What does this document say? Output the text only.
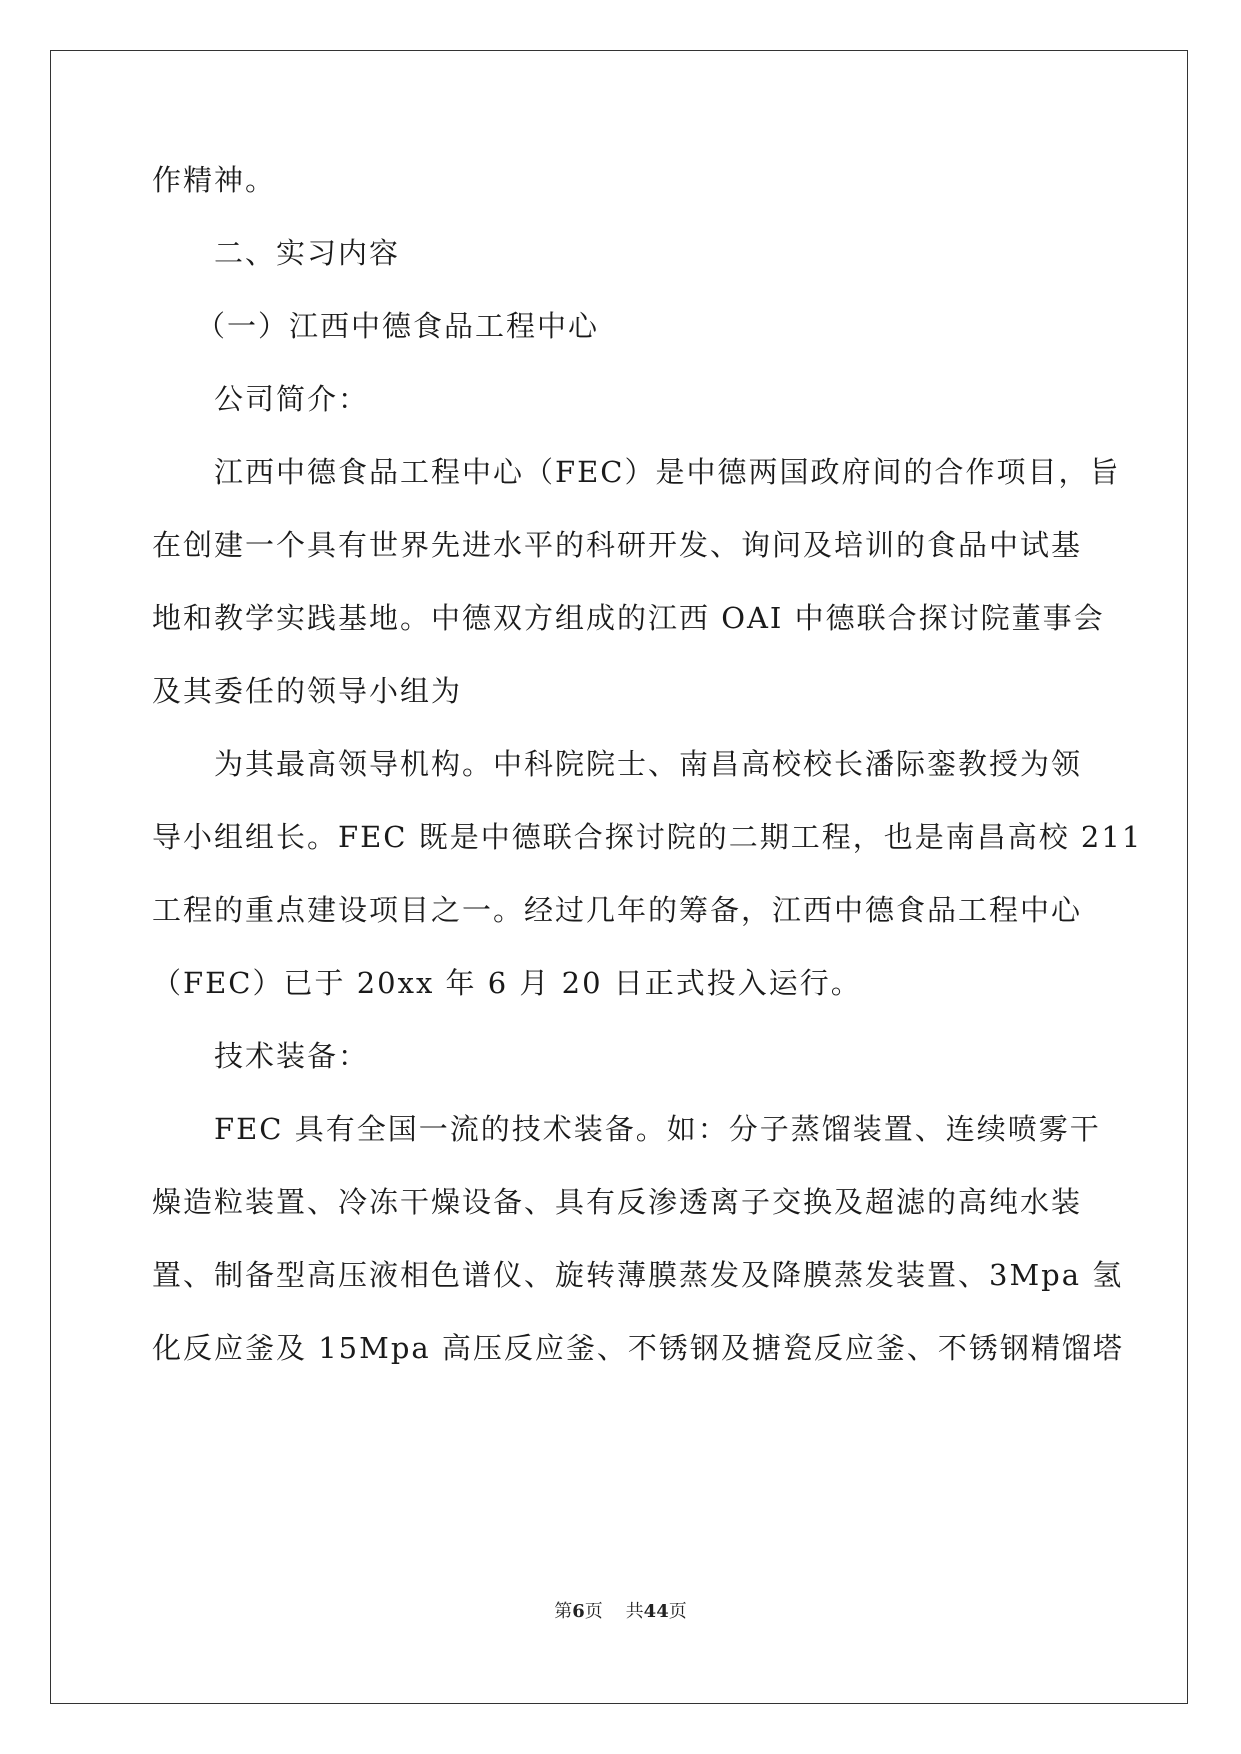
作精神。
二、实习内容
（一）江西中德食品工程中心
公司简介：
江西中德食品工程中心（FEC）是中德两国政府间的合作项目，旨
在创建一个具有世界先进水平的科研开发、询问及培训的食品中试基
地和教学实践基地。中德双方组成的江西 OAI 中德联合探讨院董事会
及其委任的领导小组为
为其最高领导机构。中科院院士、南昌高校校长潘际銮教授为领
导小组组长。FEC 既是中德联合探讨院的二期工程，也是南昌高校 211
工程的重点建设项目之一。经过几年的筹备，江西中德食品工程中心
（FEC）已于 20xx 年 6 月 20 日正式投入运行。
技术装备：
FEC 具有全国一流的技术装备。如：分子蒸馏装置、连续喷雾干
燥造粒装置、冷冻干燥设备、具有反渗透离子交换及超滤的高纯水装
置、制备型高压液相色谱仪、旋转薄膜蒸发及降膜蒸发装置、3Mpa 氢
化反应釜及 15Mpa 高压反应釜、不锈钢及搪瓷反应釜、不锈钢精馏塔
第6页 共44页
